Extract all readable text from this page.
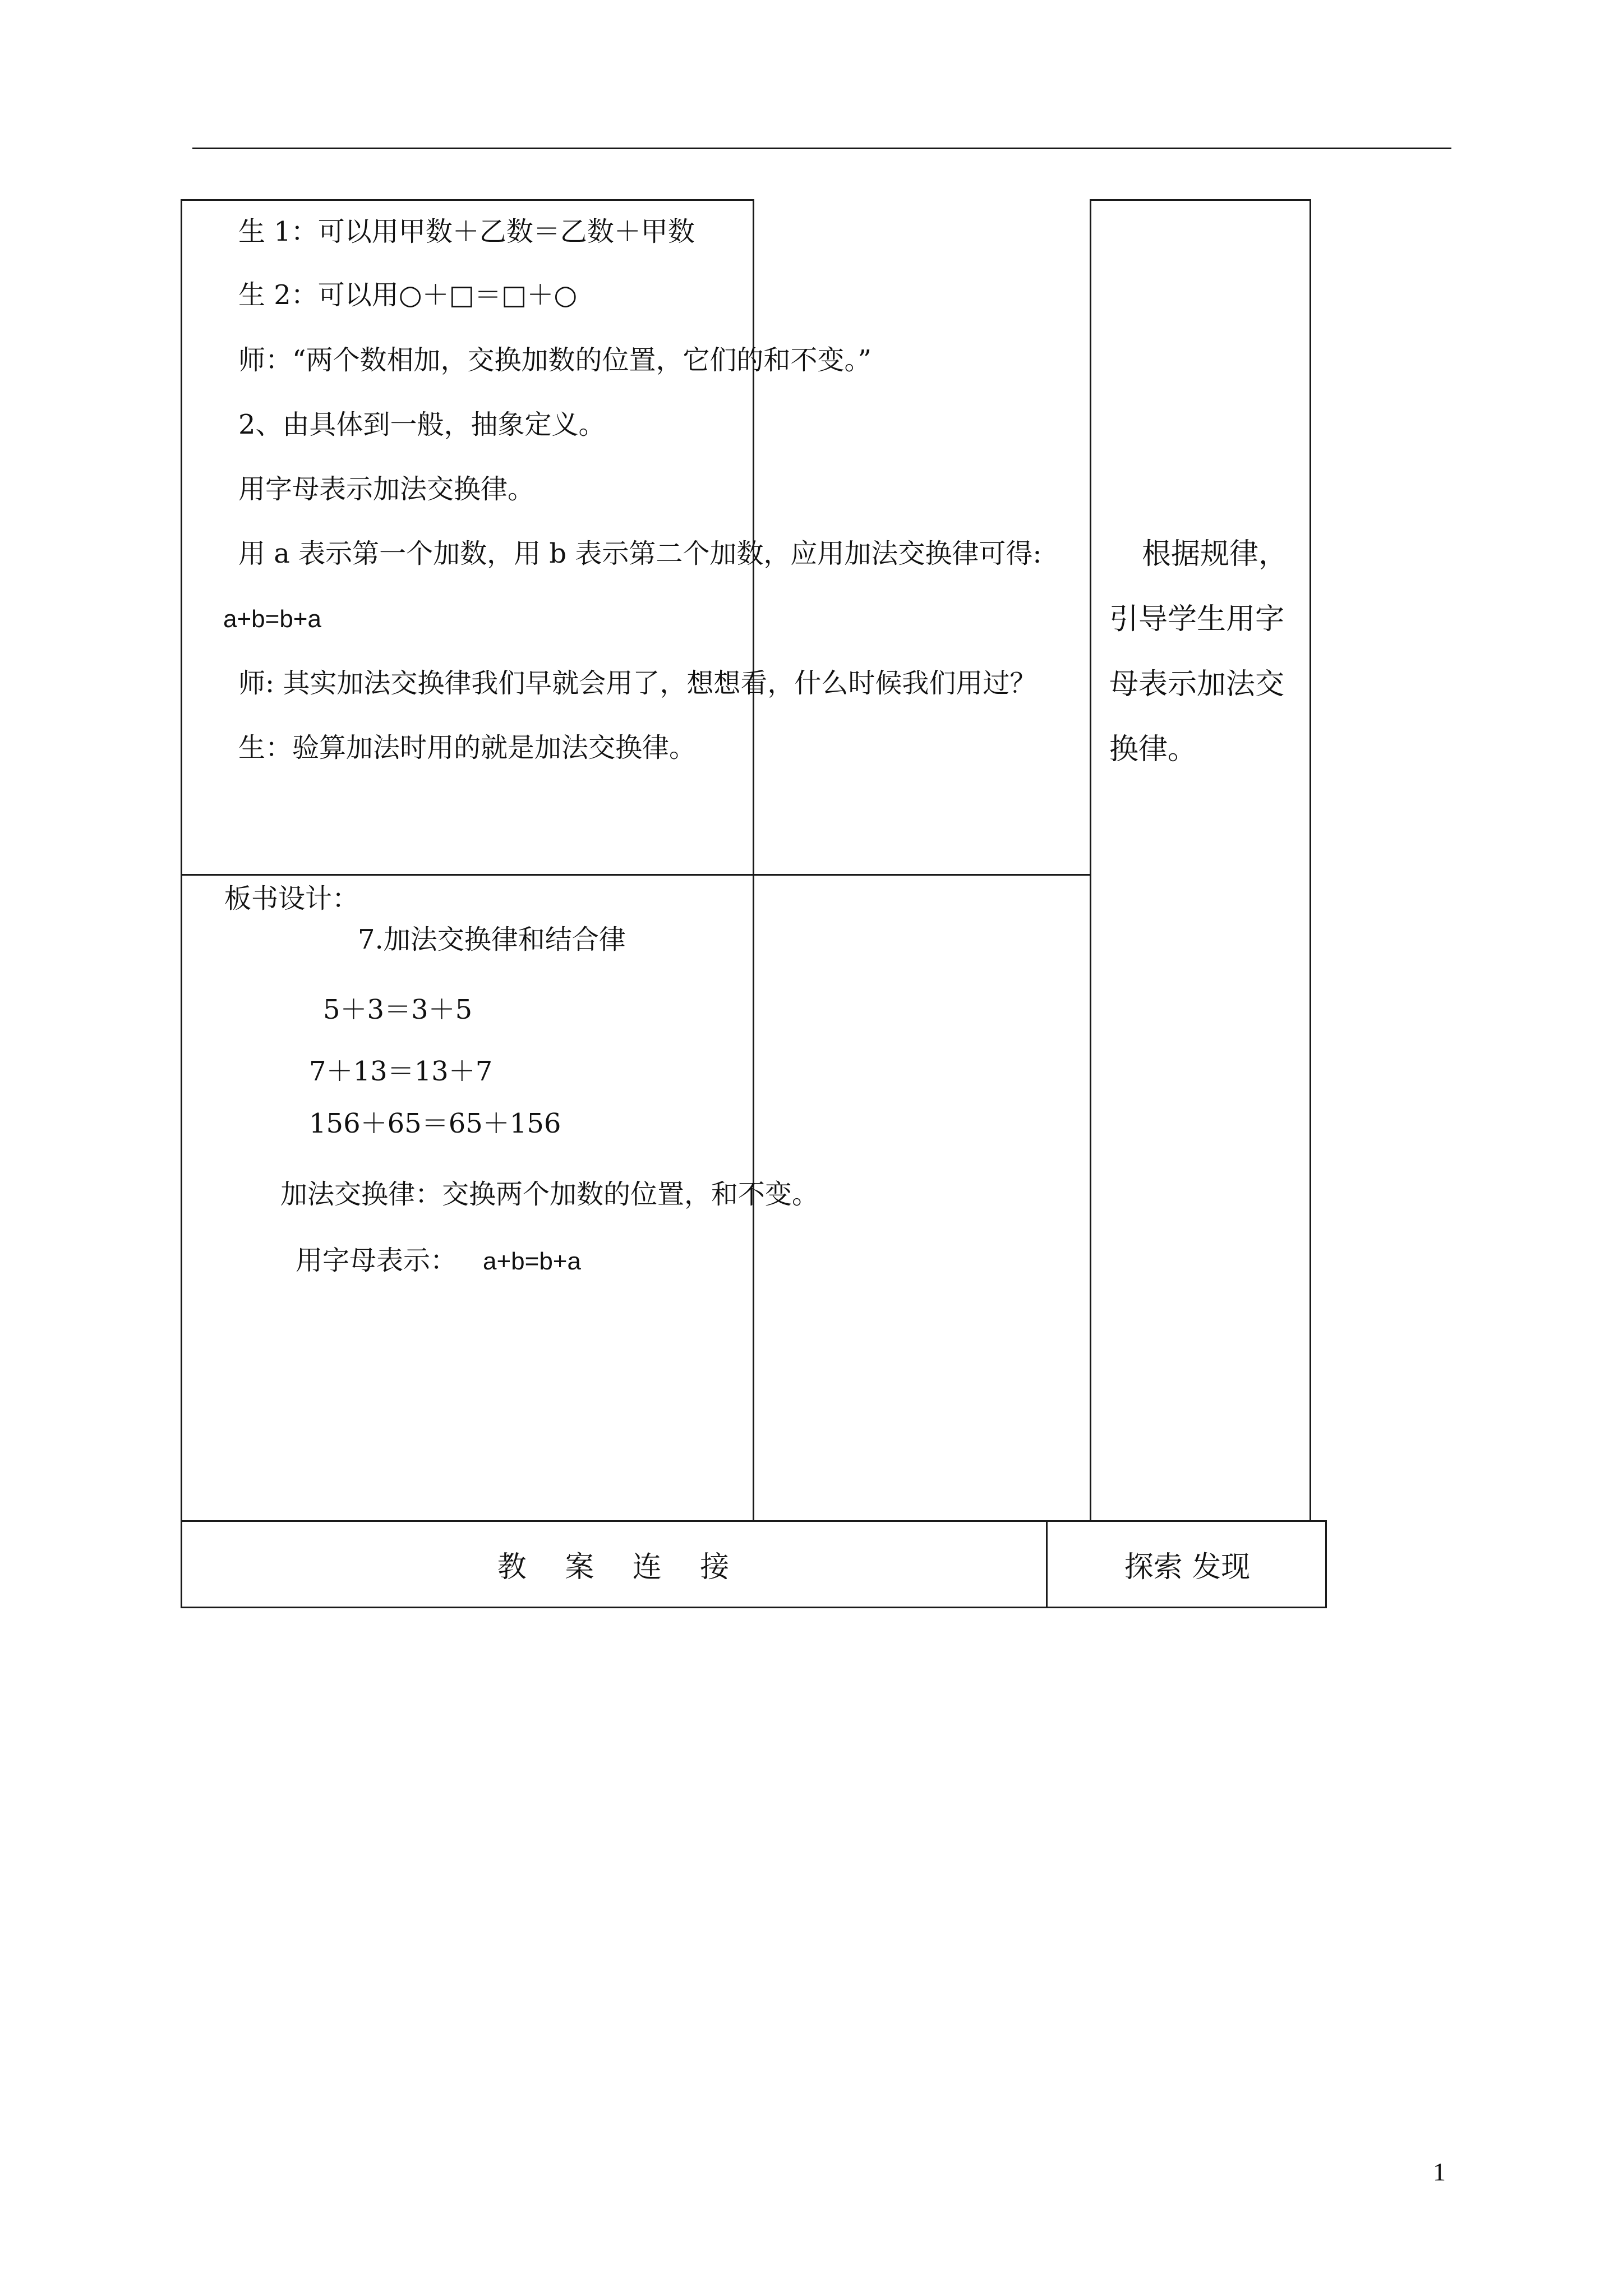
生 1：可以用甲数＋乙数＝乙数＋甲数
生 2：可以用○＋□＝□＋○
师：“两个数相加，交换加数的位置，它们的和不变。”
2、由具体到一般，抽象定义。
用字母表示加法交换律。
用 a 表示第一个加数，用 b 表示第二个加数，应用加法交换律可得:
a+b=b+a
师: 其实加法交换律我们早就会用了，想想看，什么时候我们用过？
生：验算加法时用的就是加法交换律。
根据规律，
引导学生用字
母表示加法交
换律。
板书设计：
7.加法交换律和结合律
5＋3＝3＋5
7＋13＝13＋7
156＋65＝65＋156
加法交换律：交换两个加数的位置，和不变。
用字母表示： a+b=b+a
教　 案　 连　 接	探索 发现
1
